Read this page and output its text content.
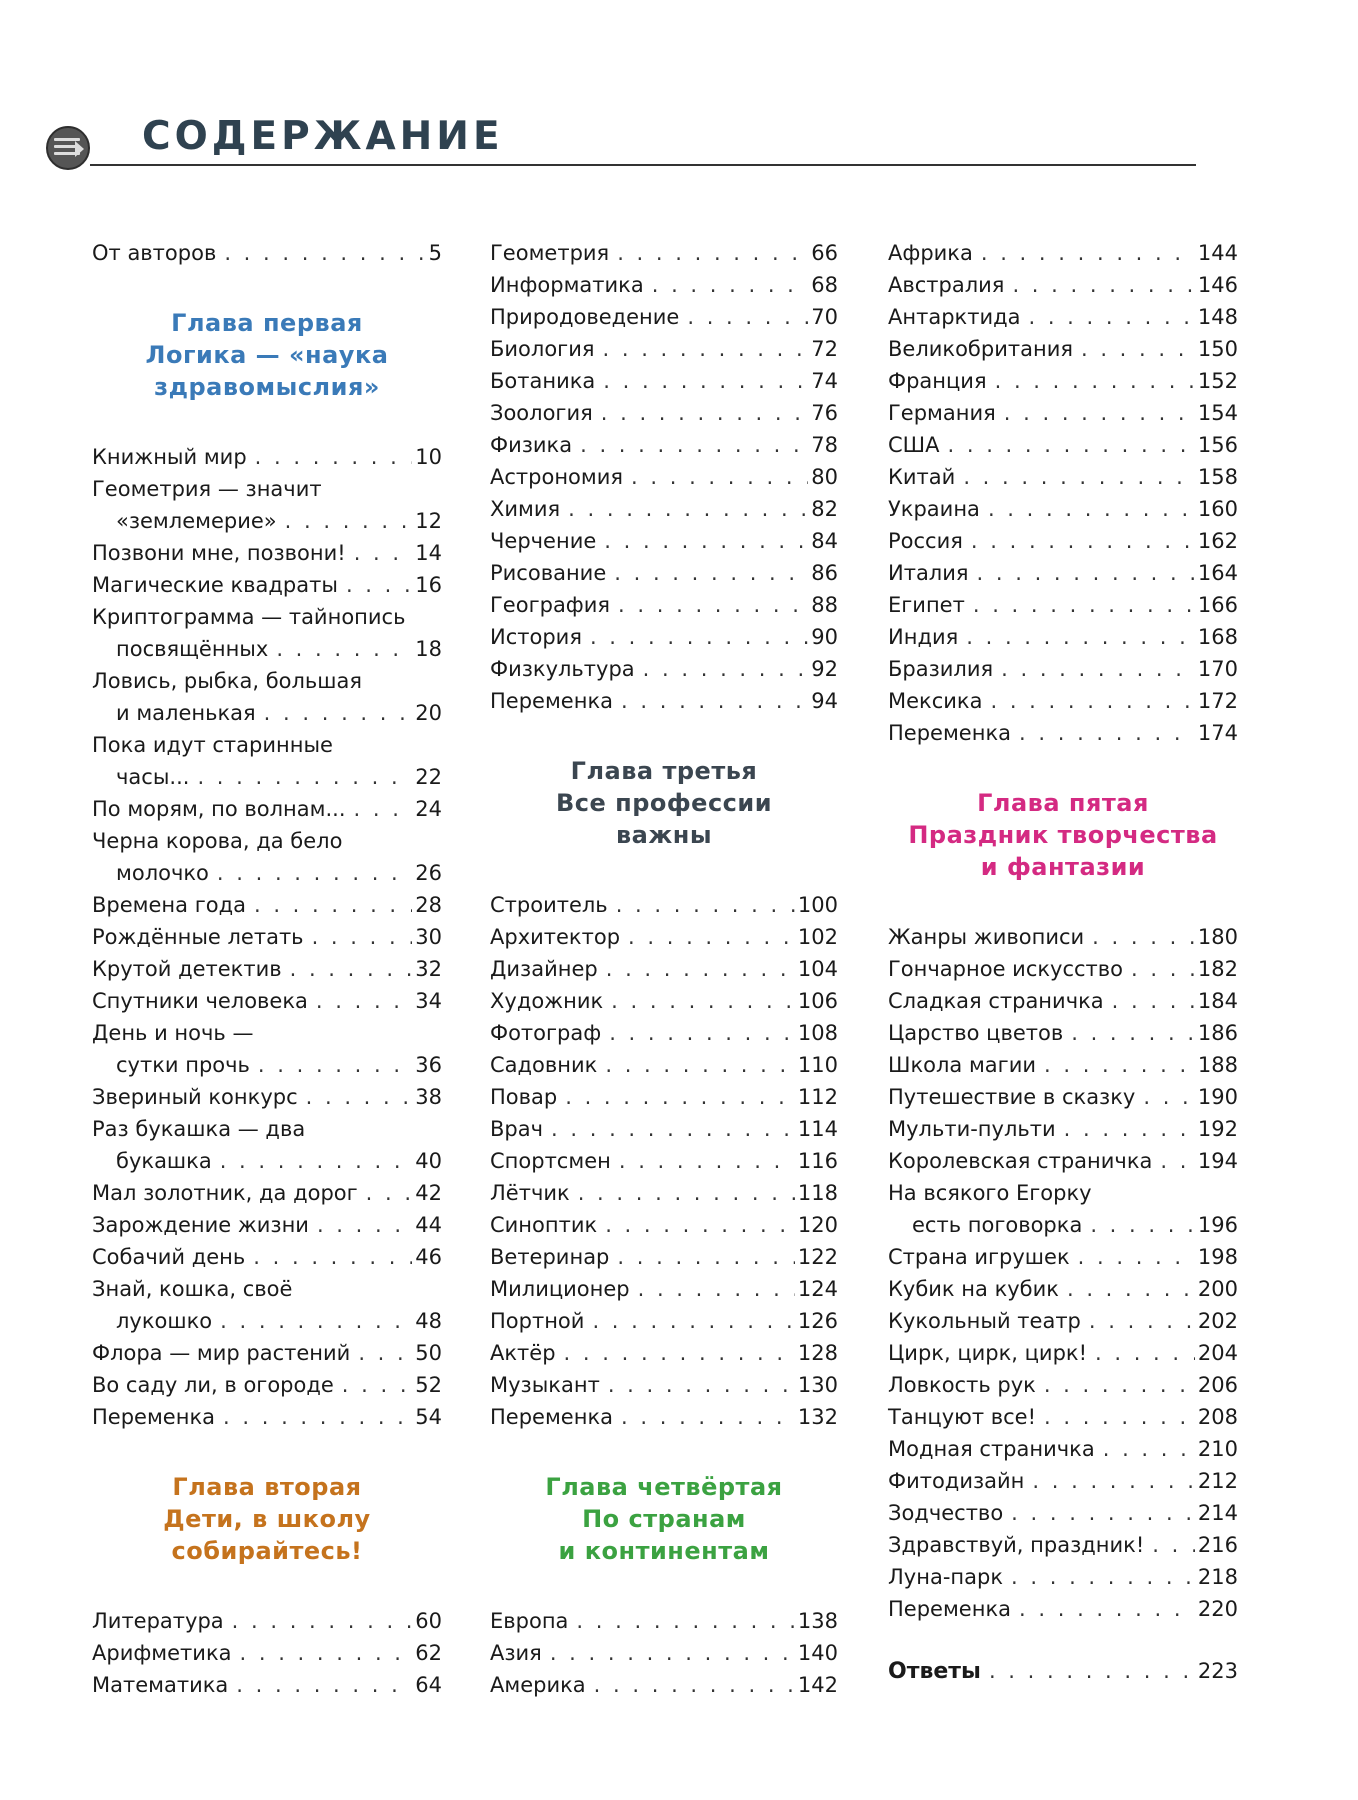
СОДЕРЖАНИЕ
От авторов . . .	5
Глава первая
Логика — «наука
здравомыслия»
Книжный мир . . .	10
Геометрия — значит
«землемерие» . . .	12
Позвони мне, позвони! . . .	14
Магические квадраты . . .	16
Криптограмма — тайнопись
посвящённых . . .	18
Ловись, рыбка, большая
и маленькая . . .	20
Пока идут старинные
часы... . . .	22
По морям, по волнам... . . .	24
Черна корова, да бело
молочко . . .	26
Времена года . . .	28
Рождённые летать . . .	30
Крутой детектив . . .	32
Спутники человека . . .	34
День и ночь —
сутки прочь . . .	36
Звериный конкурс . . .	38
Раз букашка — два
букашка . . .	40
Мал золотник, да дорог . . .	42
Зарождение жизни . . .	44
Собачий день . . .	46
Знай, кошка, своё
лукошко . . .	48
Флора — мир растений . . .	50
Во саду ли, в огороде . . .	52
Переменка . . .	54
Глава вторая
Дети, в школу
собирайтесь!
Литература . . .	60
Арифметика . . .	62
Математика . . .	64
Геометрия . . .	66
Информатика . . .	68
Природоведение . . .	70
Биология . . .	72
Ботаника . . .	74
Зоология . . .	76
Физика . . .	78
Астрономия . . .	80
Химия . . .	82
Черчение . . .	84
Рисование . . .	86
География . . .	88
История . . .	90
Физкультура . . .	92
Переменка . . .	94
Глава третья
Все профессии
важны
Строитель . . .	100
Архитектор . . .	102
Дизайнер . . .	104
Художник . . .	106
Фотограф . . .	108
Садовник . . .	110
Повар . . .	112
Врач . . .	114
Спортсмен . . .	116
Лётчик . . .	118
Синоптик . . .	120
Ветеринар . . .	122
Милиционер . . .	124
Портной . . .	126
Актёр . . .	128
Музыкант . . .	130
Переменка . . .	132
Глава четвёртая
По странам
и континентам
Европа . . .	138
Азия . . .	140
Америка . . .	142
Африка . . .	144
Австралия . . .	146
Антарктида . . .	148
Великобритания . . .	150
Франция . . .	152
Германия . . .	154
США . . .	156
Китай . . .	158
Украина . . .	160
Россия . . .	162
Италия . . .	164
Египет . . .	166
Индия . . .	168
Бразилия . . .	170
Мексика . . .	172
Переменка . . .	174
Глава пятая
Праздник творчества
и фантазии
Жанры живописи . . .	180
Гончарное искусство . . .	182
Сладкая страничка . . .	184
Царство цветов . . .	186
Школа магии . . .	188
Путешествие в сказку . . .	190
Мульти-пульти . . .	192
Королевская страничка . . . 194
На всякого Егорку
есть поговорка . . .	196
Страна игрушек . . .	198
Кубик на кубик . . .	200
Кукольный театр . . .	202
Цирк, цирк, цирк! . . .	204
Ловкость рук . . .	206
Танцуют все! . . .	208
Модная страничка . . .	210
Фитодизайн . . .	212
Зодчество . . .	214
Здравствуй, праздник! . . .	216
Луна-парк . . .	218
Переменка . . .	220
Ответы . . .	223
